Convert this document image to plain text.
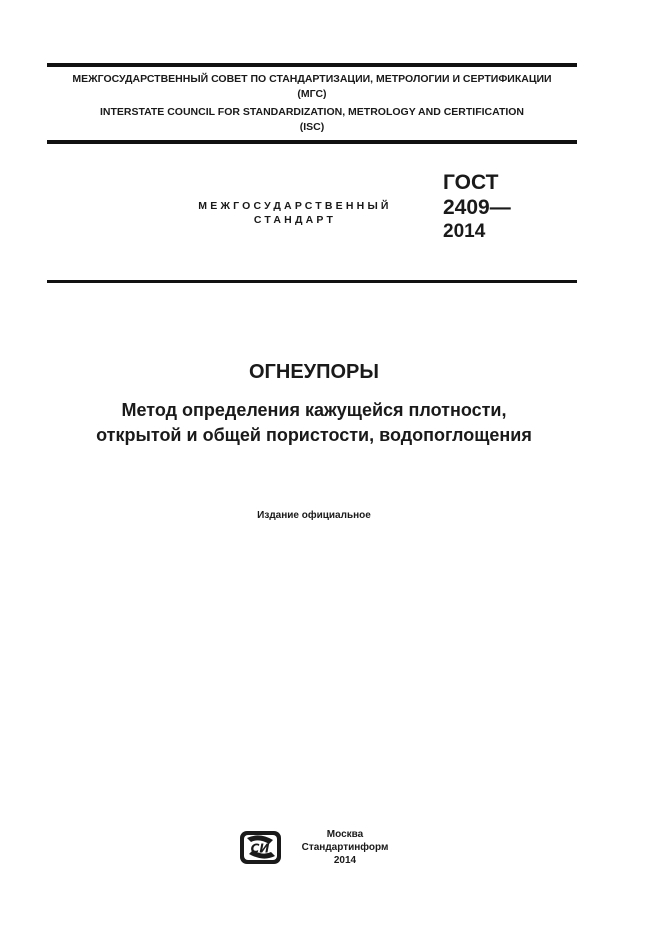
МЕЖГОСУДАРСТВЕННЫЙ СОВЕТ ПО СТАНДАРТИЗАЦИИ, МЕТРОЛОГИИ И СЕРТИФИКАЦИИ
(МГС)
INTERSTATE COUNCIL FOR STANDARDIZATION, METROLOGY AND CERTIFICATION
(ISC)
МЕЖГОСУДАРСТВЕННЫЙ
СТАНДАРТ
ГОСТ
2409—
2014
ОГНЕУПОРЫ
Метод определения кажущейся плотности,
открытой и общей пористости, водопоглощения
Издание официальное
СИ
Москва
Стандартинформ
2014
